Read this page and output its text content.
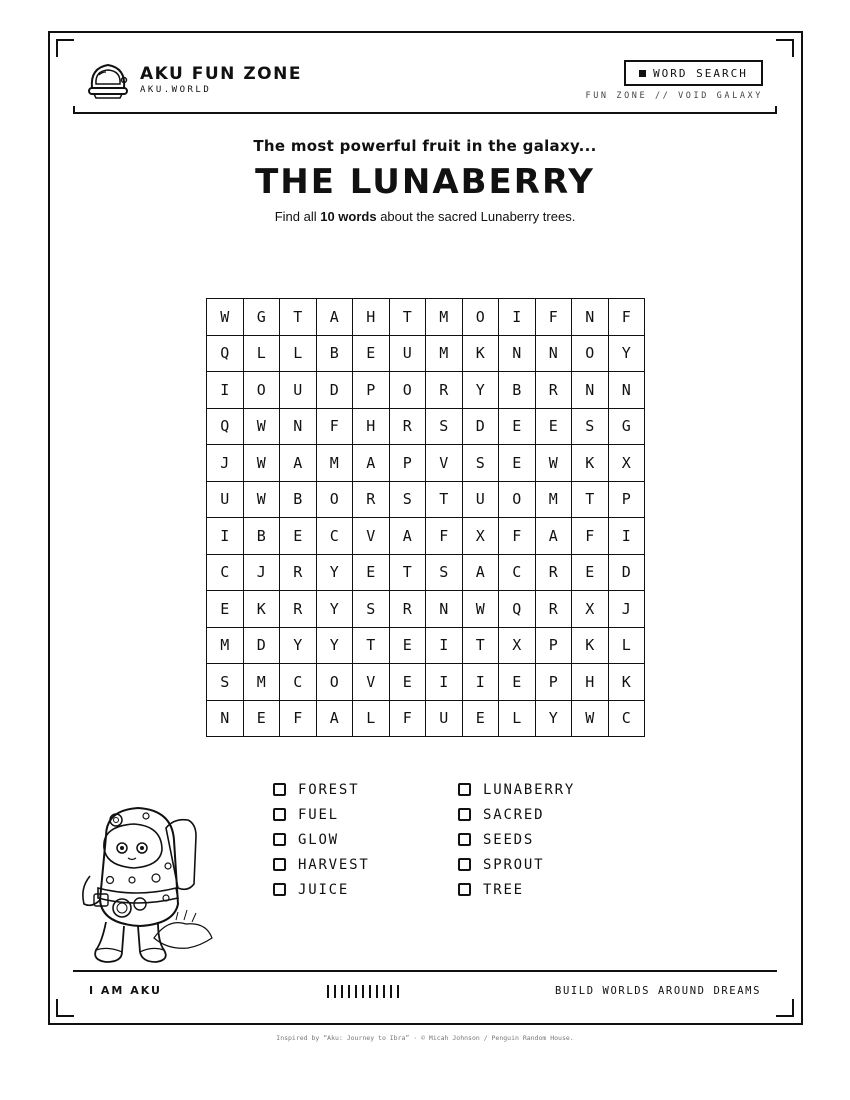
AKU FUN ZONE
AKU.WORLD
WORD SEARCH
FUN ZONE // VOID GALAXY
The most powerful fruit in the galaxy...
THE LUNABERRY
Find all 10 words about the sacred Lunaberry trees.
W	G	T	A	H	T	M	O	I	F	N	F
Q	L	L	B	E	U	M	K	N	N	O	Y
I	O	U	D	P	O	R	Y	B	R	N	N
Q	W	N	F	H	R	S	D	E	E	S	G
J	W	A	M	A	P	V	S	E	W	K	X
U	W	B	O	R	S	T	U	O	M	T	P
I	B	E	C	V	A	F	X	F	A	F	I
C	J	R	Y	E	T	S	A	C	R	E	D
E	K	R	Y	S	R	N	W	Q	R	X	J
M	D	Y	Y	T	E	I	T	X	P	K	L
S	M	C	O	V	E	I	I	E	P	H	K
N	E	F	A	L	F	U	E	L	Y	W	C
FOREST
FUEL
GLOW
HARVEST
JUICE
LUNABERRY
SACRED
SEEDS
SPROUT
TREE
I AM AKU	BUILD WORLDS AROUND DREAMS
Inspired by “Aku: Journey to Ibra” · © Micah Johnson / Penguin Random House.
